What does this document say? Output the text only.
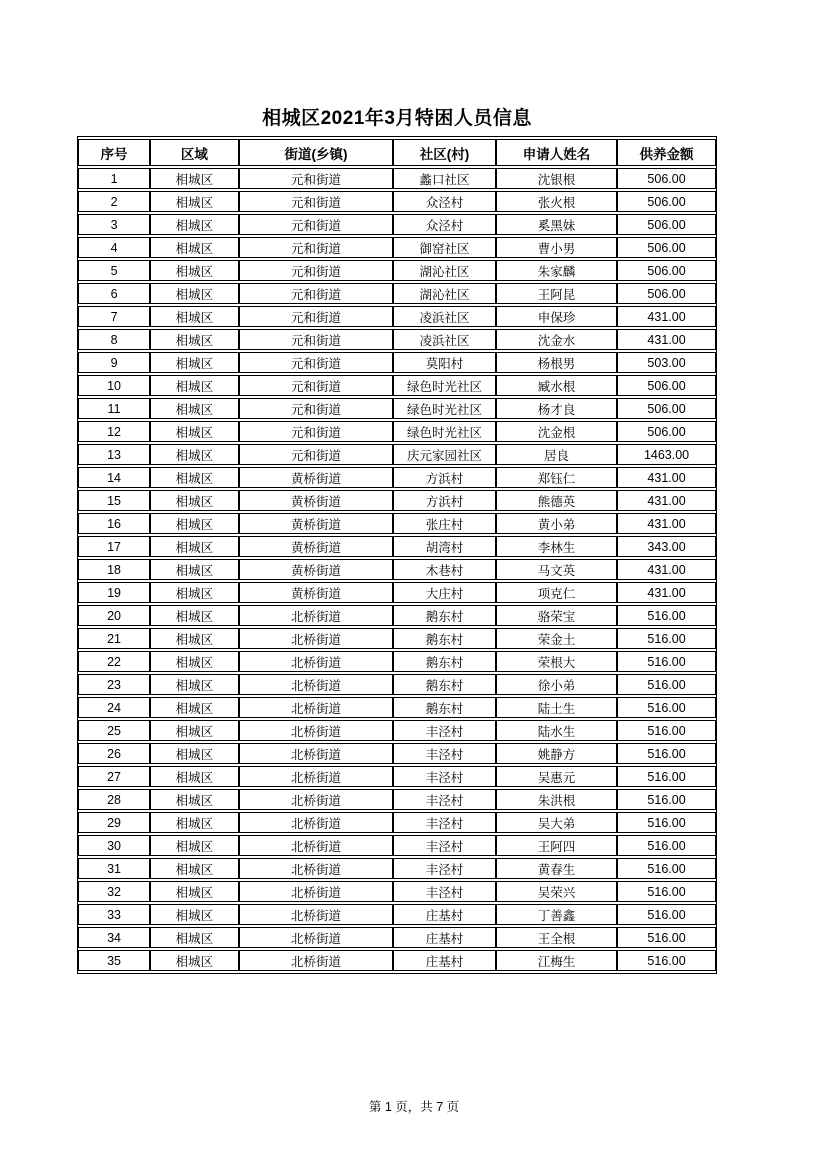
相城区2021年3月特困人员信息
序号	区域	街道(乡镇)	社区(村)	申请人姓名	供养金额
1	相城区	元和街道	蠡口社区	沈银根	506.00
2	相城区	元和街道	众泾村	张火根	506.00
3	相城区	元和街道	众泾村	奚黑妹	506.00
4	相城区	元和街道	御窑社区	曹小男	506.00
5	相城区	元和街道	湖沁社区	朱家麟	506.00
6	相城区	元和街道	湖沁社区	王阿昆	506.00
7	相城区	元和街道	凌浜社区	申保珍	431.00
8	相城区	元和街道	凌浜社区	沈金水	431.00
9	相城区	元和街道	莫阳村	杨根男	503.00
10	相城区	元和街道	绿色时光社区	臧水根	506.00
11	相城区	元和街道	绿色时光社区	杨才良	506.00
12	相城区	元和街道	绿色时光社区	沈金根	506.00
13	相城区	元和街道	庆元家园社区	居良	1463.00
14	相城区	黄桥街道	方浜村	郑钰仁	431.00
15	相城区	黄桥街道	方浜村	熊德英	431.00
16	相城区	黄桥街道	张庄村	黄小弟	431.00
17	相城区	黄桥街道	胡湾村	李林生	343.00
18	相城区	黄桥街道	木巷村	马文英	431.00
19	相城区	黄桥街道	大庄村	项克仁	431.00
20	相城区	北桥街道	鹅东村	骆荣宝	516.00
21	相城区	北桥街道	鹅东村	荣金土	516.00
22	相城区	北桥街道	鹅东村	荣根大	516.00
23	相城区	北桥街道	鹅东村	徐小弟	516.00
24	相城区	北桥街道	鹅东村	陆土生	516.00
25	相城区	北桥街道	丰泾村	陆水生	516.00
26	相城区	北桥街道	丰泾村	姚静方	516.00
27	相城区	北桥街道	丰泾村	吴惠元	516.00
28	相城区	北桥街道	丰泾村	朱洪根	516.00
29	相城区	北桥街道	丰泾村	吴大弟	516.00
30	相城区	北桥街道	丰泾村	王阿四	516.00
31	相城区	北桥街道	丰泾村	黄春生	516.00
32	相城区	北桥街道	丰泾村	吴荣兴	516.00
33	相城区	北桥街道	庄基村	丁善鑫	516.00
34	相城区	北桥街道	庄基村	王全根	516.00
35	相城区	北桥街道	庄基村	江梅生	516.00
第 1 页，共 7 页
